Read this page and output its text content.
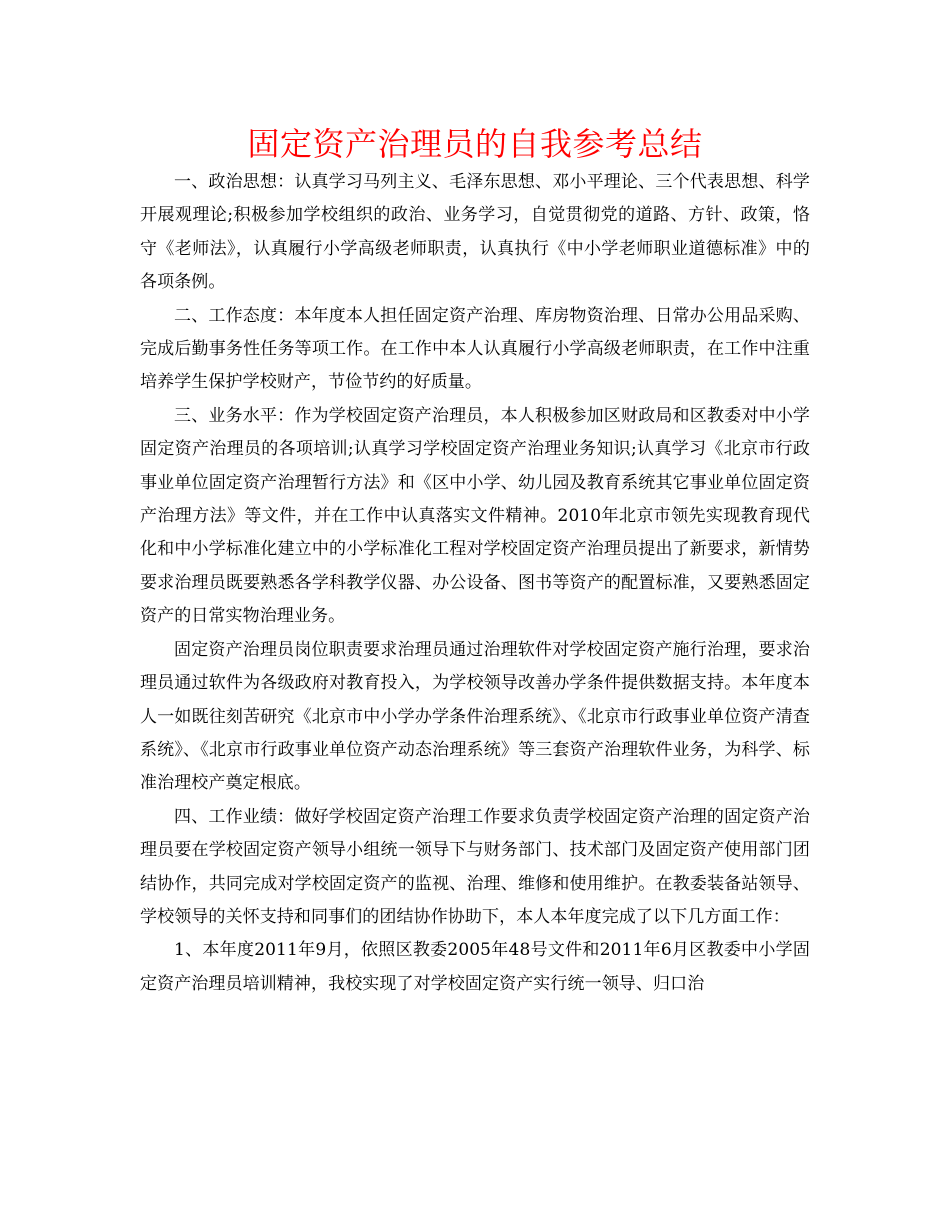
固定资产治理员的自我参考总结

一、政治思想：认真学习马列主义、毛泽东思想、邓小平理论、三个代表思想、科学开展观理论;积极参加学校组织的政治、业务学习，自觉贯彻党的道路、方针、政策，恪守《老师法》，认真履行小学高级老师职责，认真执行《中小学老师职业道德标准》中的各项条例。

二、工作态度：本年度本人担任固定资产治理、库房物资治理、日常办公用品采购、完成后勤事务性任务等项工作。在工作中本人认真履行小学高级老师职责，在工作中注重培养学生保护学校财产，节俭节约的好质量。

三、业务水平：作为学校固定资产治理员，本人积极参加区财政局和区教委对中小学固定资产治理员的各项培训;认真学习学校固定资产治理业务知识;认真学习《北京市行政事业单位固定资产治理暂行方法》和《区中小学、幼儿园及教育系统其它事业单位固定资产治理方法》等文件，并在工作中认真落实文件精神。2010年北京市领先实现教育现代化和中小学标准化建立中的小学标准化工程对学校固定资产治理员提出了新要求，新情势要求治理员既要熟悉各学科教学仪器、办公设备、图书等资产的配置标准，又要熟悉固定资产的日常实物治理业务。

固定资产治理员岗位职责要求治理员通过治理软件对学校固定资产施行治理，要求治理员通过软件为各级政府对教育投入，为学校领导改善办学条件提供数据支持。本年度本人一如既往刻苦研究《北京市中小学办学条件治理系统》、《北京市行政事业单位资产清查系统》、《北京市行政事业单位资产动态治理系统》等三套资产治理软件业务，为科学、标准治理校产奠定根底。

四、工作业绩：做好学校固定资产治理工作要求负责学校固定资产治理的固定资产治理员要在学校固定资产领导小组统一领导下与财务部门、技术部门及固定资产使用部门团结协作，共同完成对学校固定资产的监视、治理、维修和使用维护。在教委装备站领导、学校领导的关怀支持和同事们的团结协作协助下，本人本年度完成了以下几方面工作：

1、本年度2011年9月，依照区教委2005年48号文件和2011年6月区教委中小学固定资产治理员培训精神，我校实现了对学校固定资产实行统一领导、归口治
